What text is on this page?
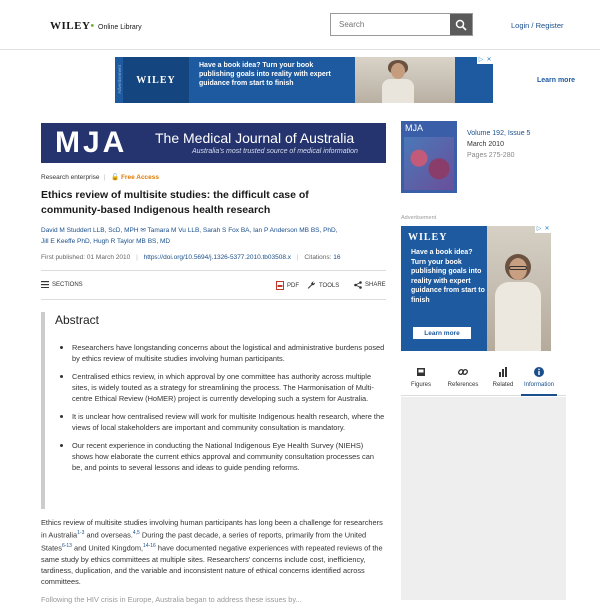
WILEY• Online Library
Search	Login / Register
Advertisement	WILEY
Have a book idea? Turn your book publishing goals into reality with expert guidance from start to finish	Learn more
▷ ✕
MJA The Medical Journal of Australia
Australia's most trusted source of medical information
Research enterprise | 🔓 Free Access
Ethics review of multisite studies: the difficult case of community-based Indigenous health research
David M Studdert LLB, ScD, MPH ✉ Tamara M Vu LLB, Sarah S Fox BA, Ian P Anderson MB BS, PhD,
Jill E Keeffe PhD, Hugh R Taylor MB BS, MD
First published: 01 March 2010 | https://doi.org/10.5694/j.1326-5377.2010.tb03508.x | Citations: 16
SECTIONS	PDF	TOOLS	SHARE
Abstract
Researchers have longstanding concerns about the logistical and administrative burdens posed by ethics review of multisite studies involving human participants.
Centralised ethics review, in which approval by one committee has authority across multiple sites, is widely touted as a strategy for streamlining the process. The Harmonisation of Multi-centre Ethical Review (HoMER) project is currently developing such a system for Australia.
It is unclear how centralised review will work for multisite Indigenous health research, where the views of local stakeholders are important and community consultation is mandatory.
Our recent experience in conducting the National Indigenous Eye Health Survey (NIEHS) shows how elaborate the current ethics approval and community consultation processes can be, and points to several lessons and ideas to guide pending reforms.

Ethics review of multisite studies involving human participants has long been a challenge for researchers in Australia$^{1-3}$ and overseas.$^{4,5}$ During the past decade, a series of reports, primarily from the United States$^{6-13}$ and United Kingdom,$^{14-16}$ have documented negative experiences with repeated reviews of the same study by ethics committees at multiple sites. Researchers' concerns include cost, inefficiency, tardiness, duplication, and the variable and inconsistent nature of ethical concerns identified across committees.

Following the HIV crisis in Europe, Australia began to address these issues by...

MJA
Volume 192, Issue 5
March 2010
Pages 275-280
Advertisement
WILEY
Have a book idea? Turn your book publishing goals into reality with expert guidance from start to finish
Learn more
▷ ✕
Figures	References	Related	Information
